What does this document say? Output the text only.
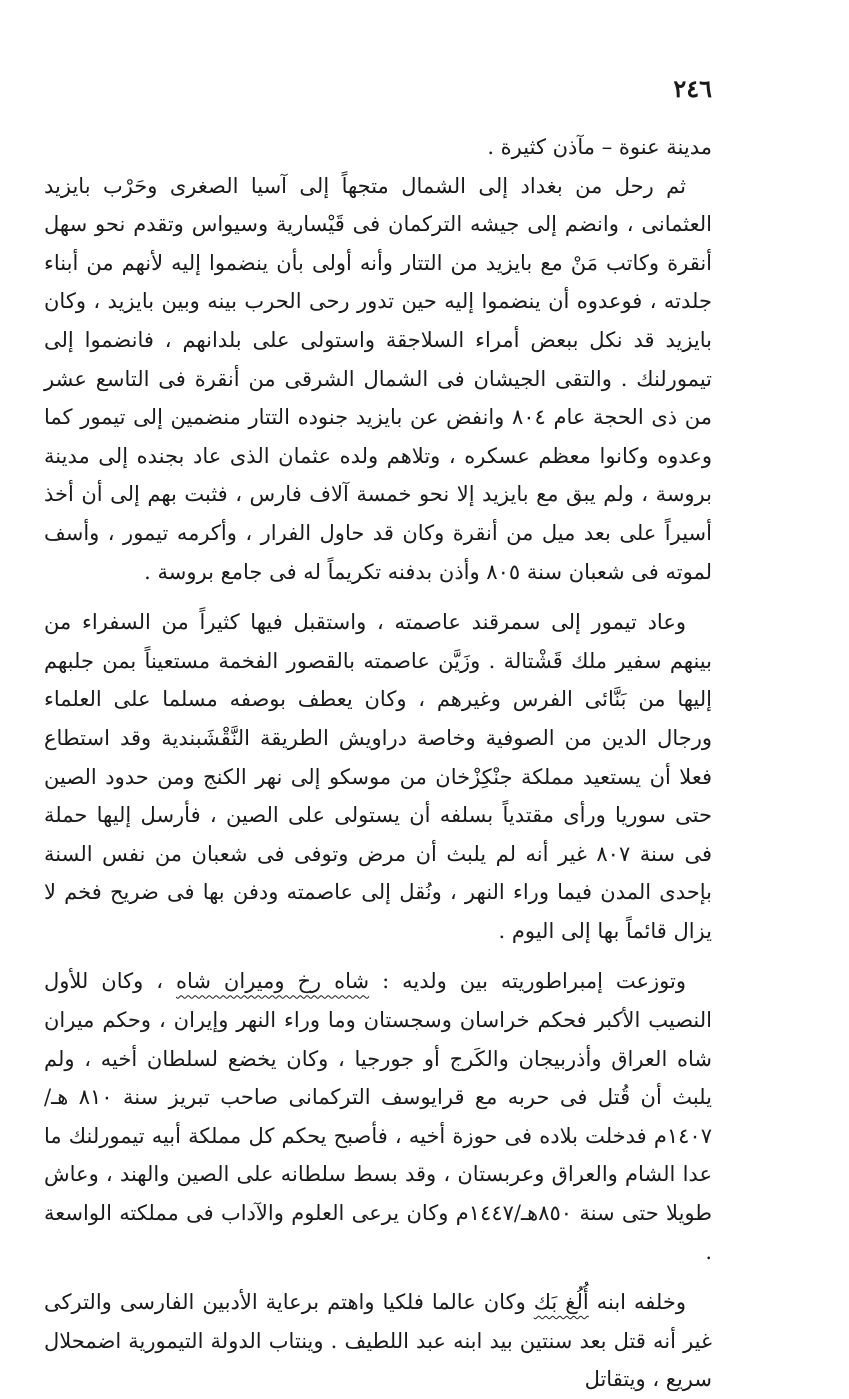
٢٤٦

مدينة عنوة – مآذن كثيرة .

ثم رحل من بغداد إلى الشمال متجهاً إلى آسيا الصغرى وحَرْب بايزيد العثمانى ، وانضم إلى جيشه التركمان فى قَيْسارية وسيواس وتقدم نحو سهل أنقرة وكاتب مَنْ مع بايزيد من التتار وأنه أولى بأن ينضموا إليه لأنهم من أبناء جلدته ، فوعدوه أن ينضموا إليه حين تدور رحى الحرب بينه وبين بايزيد ، وكان بايزيد قد نكل ببعض أمراء السلاجقة واستولى على بلدانهم ، فانضموا إلى تيمورلنك . والتقى الجيشان فى الشمال الشرقى من أنقرة فى التاسع عشر من ذى الحجة عام ٨٠٤ وانفض عن بايزيد جنوده التتار منضمين إلى تيمور كما وعدوه وكانوا معظم عسكره ، وتلاهم ولده عثمان الذى عاد بجنده إلى مدينة بروسة ، ولم يبق مع بايزيد إلا نحو خمسة آلاف فارس ، فثبت بهم إلى أن أخذ أسيراً على بعد ميل من أنقرة وكان قد حاول الفرار ، وأكرمه تيمور ، وأسف لموته فى شعبان سنة ٨٠٥ وأذن بدفنه تكريماً له فى جامع بروسة .

وعاد تيمور إلى سمرقند عاصمته ، واستقبل فيها كثيراً من السفراء من بينهم سفير ملك قَشْتالة . وزَيَّن عاصمته بالقصور الفخمة مستعيناً بمن جلبهم إليها من بَنَّائى الفرس وغيرهم ، وكان يعطف بوصفه مسلما على العلماء ورجال الدين من الصوفية وخاصة دراويش الطريقة النَّقْشَبندية وقد استطاع فعلا أن يستعيد مملكة جنْكِزْخان من موسكو إلى نهر الكنج ومن حدود الصين حتى سوريا ورأى مقتدياً بسلفه أن يستولى على الصين ، فأرسل إليها حملة فى سنة ٨٠٧ غير أنه لم يلبث أن مرض وتوفى فى شعبان من نفس السنة بإحدى المدن فيما وراء النهر ، ونُقل إلى عاصمته ودفن بها فى ضريح فخم لا يزال قائماً بها إلى اليوم .

وتوزعت إمبراطوريته بين ولديه : شاه رخ وميران شاه ، وكان للأول النصيب الأكبر فحكم خراسان وسجستان وما وراء النهر وإيران ، وحكم ميران شاه العراق وأذربيجان والكَرج أو جورجيا ، وكان يخضع لسلطان أخيه ، ولم يلبث أن قُتل فى حربه مع قرايوسف التركمانى صاحب تبريز سنة ٨١٠ هـ/١٤٠٧م فدخلت بلاده فى حوزة أخيه ، فأصبح يحكم كل مملكة أبيه تيمورلنك ما عدا الشام والعراق وعربستان ، وقد بسط سلطانه على الصين والهند ، وعاش طويلا حتى سنة ٨٥٠هـ/١٤٤٧م وكان يرعى العلوم والآداب فى مملكته الواسعة .

وخلفه ابنه أُلُغ بَك وكان عالما فلكيا واهتم برعاية الأدبين الفارسى والتركى غير أنه قتل بعد سنتين بيد ابنه عبد اللطيف . وينتاب الدولة التيمورية اضمحلال سريع ، ويتقاتل
